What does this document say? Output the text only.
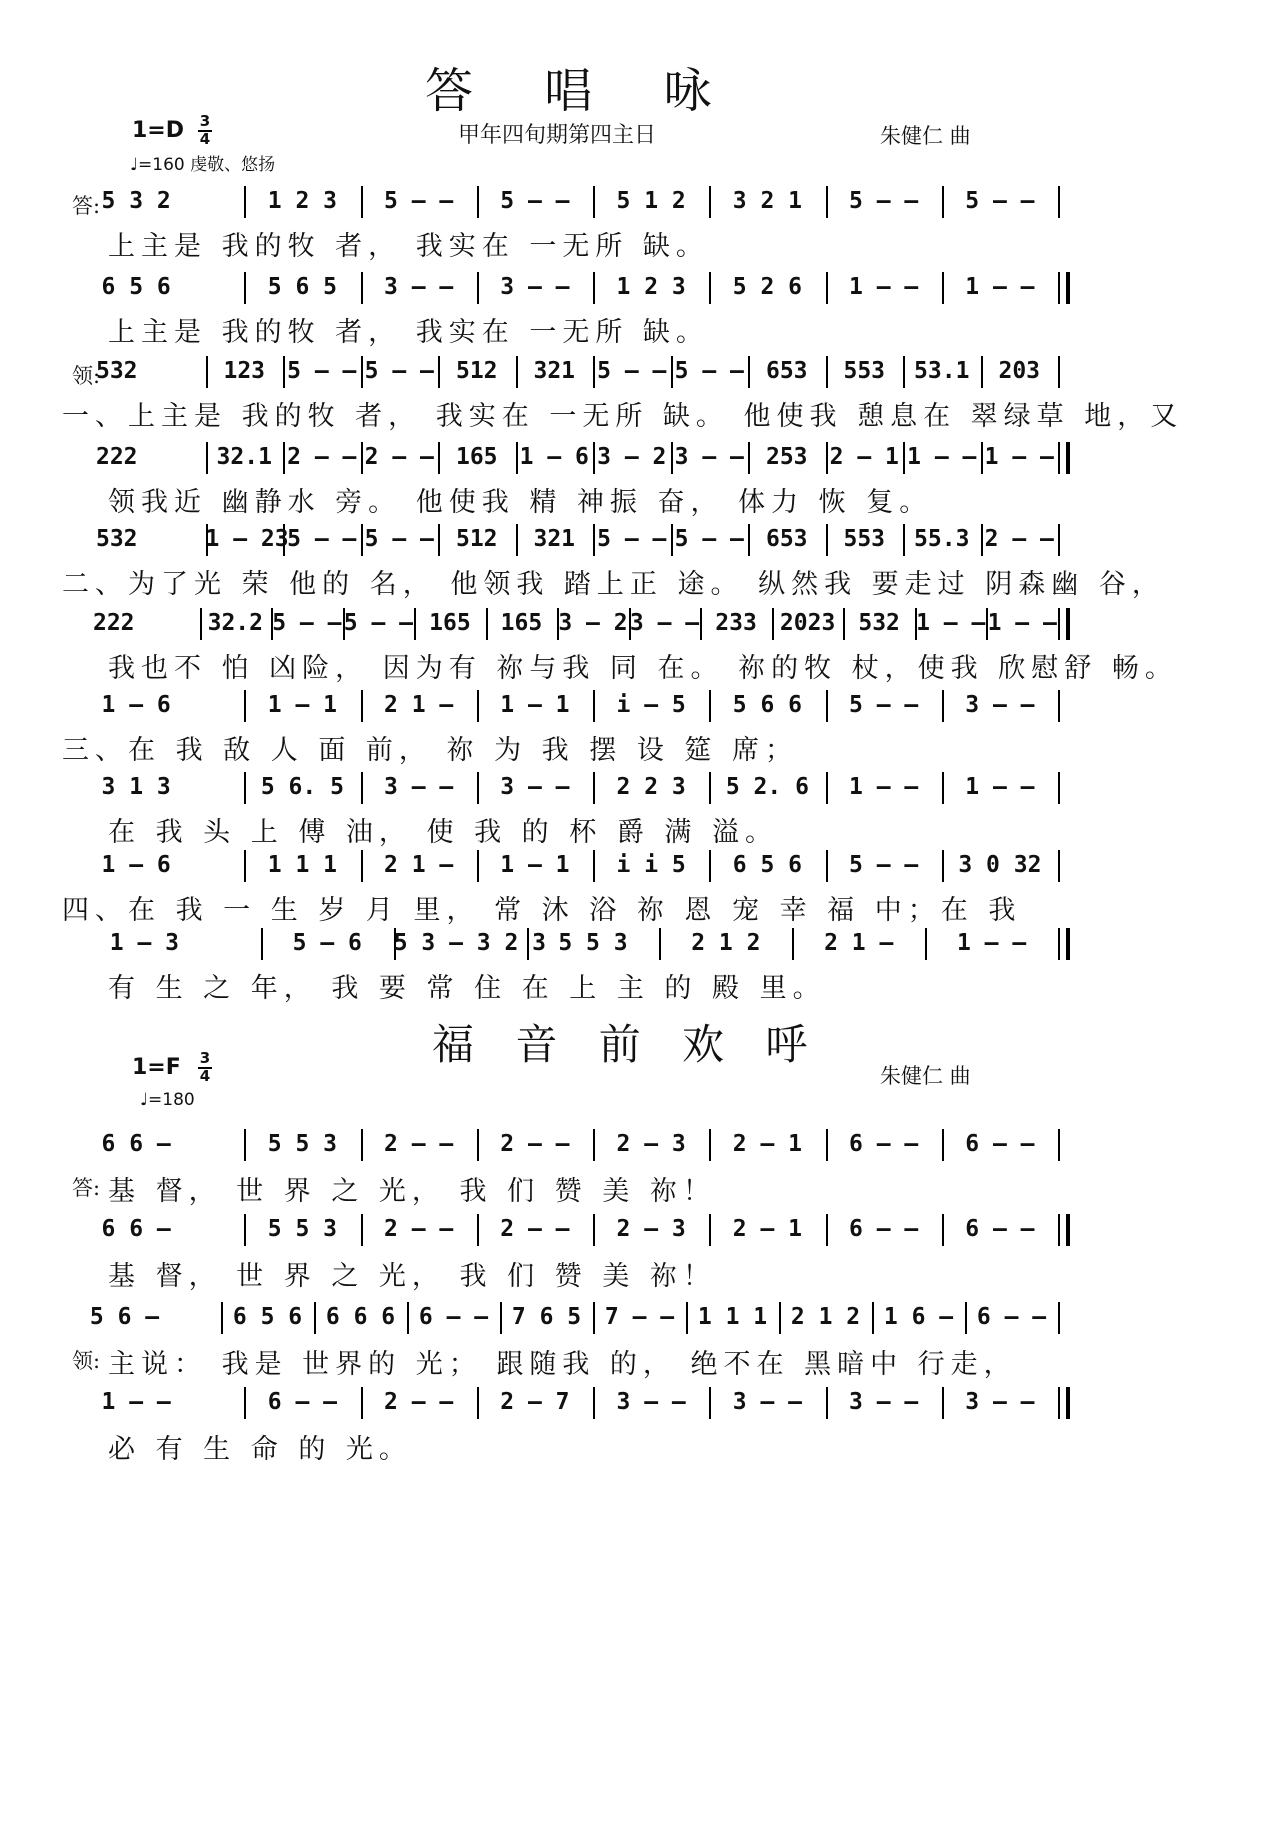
答 唱 咏
甲年四旬期第四主日	朱健仁 曲
1=D 3
4
♩=160 虔敬、悠扬
答:
领:
5 3 2	1 2 3	5 – –	5 – –	5 1 2	3 2 1	5 – –	5 – –
上主是 我的牧 者， 我实在 一无所 缺。
6 5 6	5 6 5	3 – –	3 – –	1 2 3	5 2 6	1 – –	1 – –
上主是 我的牧 者， 我实在 一无所 缺。
532	123 5 – – 5 – – 512	321 5 – – 5 – – 653	553	53.1	203
一、上主是 我的牧 者， 我实在 一无所 缺。 他使我 憩息在 翠绿草 地，又
222	32.1 2 – – 2 – – 165 1 – 6 3 – 2 3 – – 253 2 – 1 1 – – 1 – –
领我近 幽静水 旁。 他使我 精 神振 奋， 体力 恢 复。
532	1 – 23
5 – – 5 – – 512	321 5 – – 5 – – 653	553	55.3 2 – –
二、为了光 荣 他的 名， 他领我 踏上正 途。 纵然我 要走过 阴森幽 谷，
222	32.2 5 – – 5 – – 165	165 3 – 2 3 – – 233	2023	532 1 – – 1 – –
我也不 怕 凶险， 因为有 祢与我 同 在。 祢的牧 杖，使我 欣慰舒 畅。
1 – 6	1 – 1	2 1 –	1 – 1	i – 5	5 6 6	5 – –	3 – –
三、在 我 敌 人 面 前， 祢 为 我 摆 设 筵 席；
3 1 3	5 6. 5	3 – –	3 – –	2 2 3	5 2. 6	1 – –	1 – –
在 我 头 上 傅 油， 使 我 的 杯 爵 满 溢。
1 – 6	1 1 1	2 1 –	1 – 1	i i 5	6 5 6	5 – –	3 0 32
四、在 我 一 生 岁 月 里， 常 沐 浴 祢 恩 宠 幸 福 中；在 我
1 – 3	5 – 6	5 3 – 3 2 3 5 5 3	2 1 2	2 1 –	1 – –
有 生 之 年， 我 要 常 住 在 上 主 的 殿 里。
福 音 前 欢 呼
朱健仁 曲
1=F 3
4
♩=180
答:
领:
6 6 –	5 5 3	2 – –	2 – –	2 – 3	2 – 1	6 – –	6 – –
基 督， 世 界 之 光， 我 们 赞 美 祢！
6 6 –	5 5 3	2 – –	2 – –	2 – 3	2 – 1	6 – –	6 – –
基 督， 世 界 之 光， 我 们 赞 美 祢！
5 6 –	6 5 6	6 6 6	6 – –	7 6 5	7 – –	1 1 1	2 1 2	1 6 –	6 – –
主说： 我是 世界的 光； 跟随我 的， 绝不在 黑暗中 行走，
1 – –	6 – –	2 – –	2 – 7	3 – –	3 – –	3 – –	3 – –
必 有 生 命 的 光。
